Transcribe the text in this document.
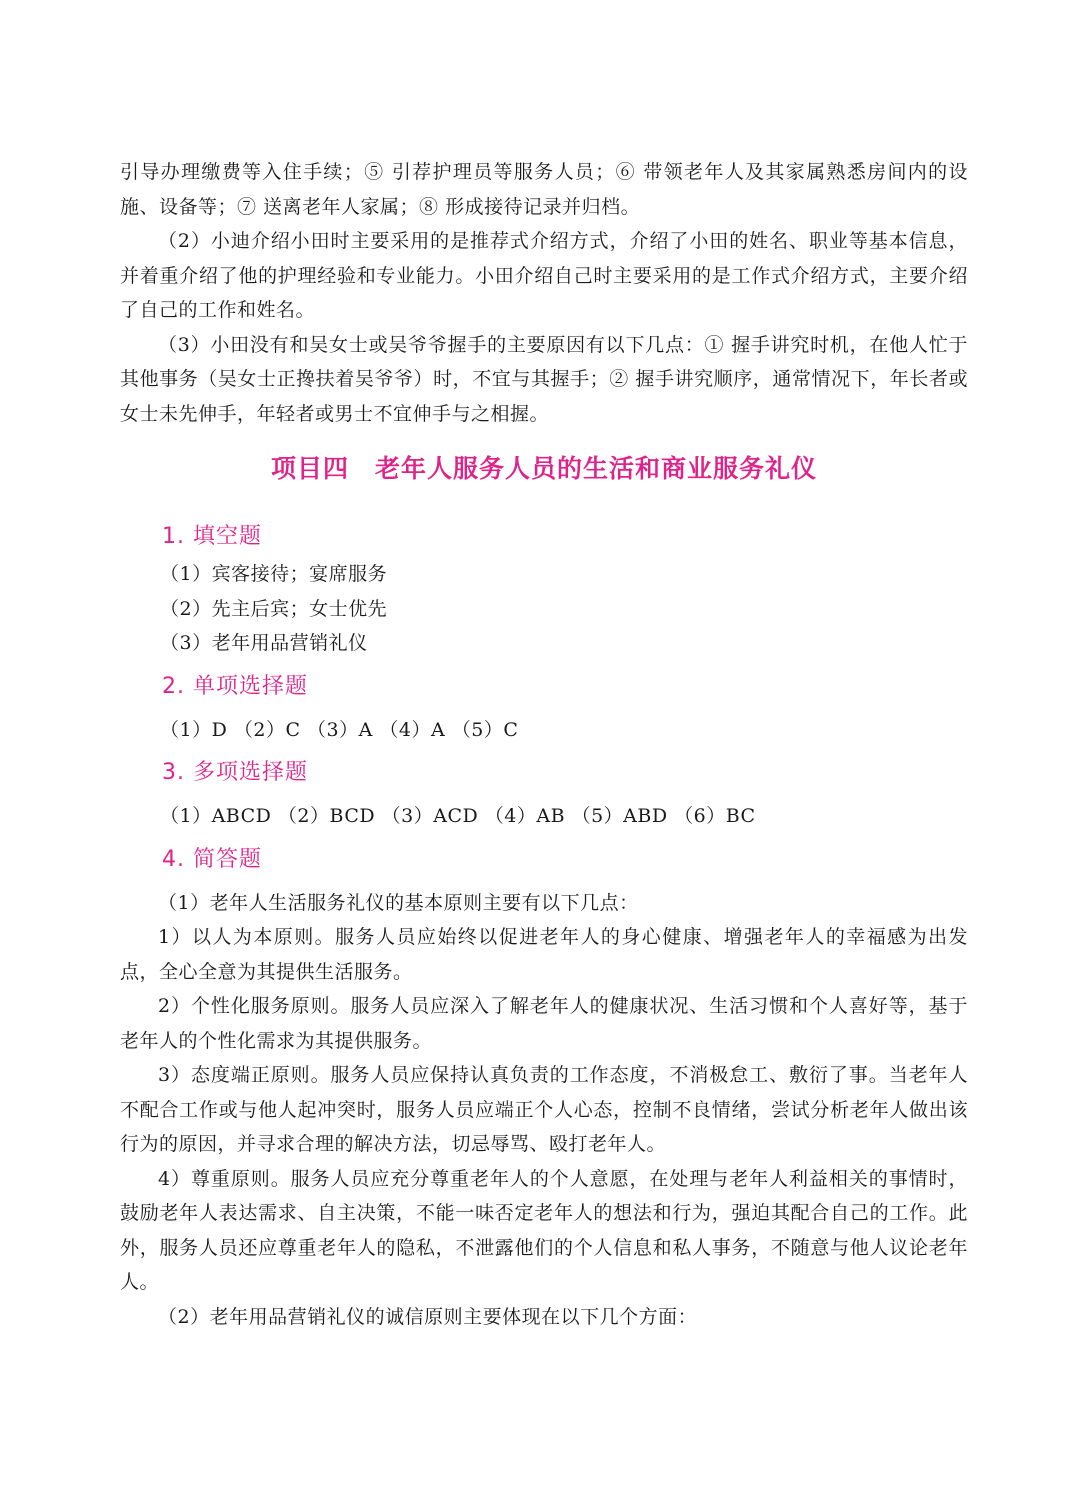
引导办理缴费等入住手续；⑤ 引荐护理员等服务人员；⑥ 带领老年人及其家属熟悉房间内的设施、设备等；⑦ 送离老年人家属；⑧ 形成接待记录并归档。

（2）小迪介绍小田时主要采用的是推荐式介绍方式，介绍了小田的姓名、职业等基本信息，并着重介绍了他的护理经验和专业能力。小田介绍自己时主要采用的是工作式介绍方式，主要介绍了自己的工作和姓名。

（3）小田没有和吴女士或吴爷爷握手的主要原因有以下几点：① 握手讲究时机，在他人忙于其他事务（吴女士正搀扶着吴爷爷）时，不宜与其握手；② 握手讲究顺序，通常情况下，年长者或女士未先伸手，年轻者或男士不宜伸手与之相握。

项目四　老年人服务人员的生活和商业服务礼仪
1. 填空题
（1）宾客接待；宴席服务
（2）先主后宾；女士优先
（3）老年用品营销礼仪
2. 单项选择题
（1）D （2）C （3）A （4）A （5）C
3. 多项选择题
（1）ABCD （2）BCD （3）ACD （4）AB （5）ABD （6）BC
4. 简答题

（1）老年人生活服务礼仪的基本原则主要有以下几点：

1）以人为本原则。服务人员应始终以促进老年人的身心健康、增强老年人的幸福感为出发点，全心全意为其提供生活服务。

2）个性化服务原则。服务人员应深入了解老年人的健康状况、生活习惯和个人喜好等，基于老年人的个性化需求为其提供服务。

3）态度端正原则。服务人员应保持认真负责的工作态度，不消极怠工、敷衍了事。当老年人不配合工作或与他人起冲突时，服务人员应端正个人心态，控制不良情绪，尝试分析老年人做出该行为的原因，并寻求合理的解决方法，切忌辱骂、殴打老年人。

4）尊重原则。服务人员应充分尊重老年人的个人意愿，在处理与老年人利益相关的事情时，鼓励老年人表达需求、自主决策，不能一味否定老年人的想法和行为，强迫其配合自己的工作。此外，服务人员还应尊重老年人的隐私，不泄露他们的个人信息和私人事务，不随意与他人议论老年人。

（2）老年用品营销礼仪的诚信原则主要体现在以下几个方面：
